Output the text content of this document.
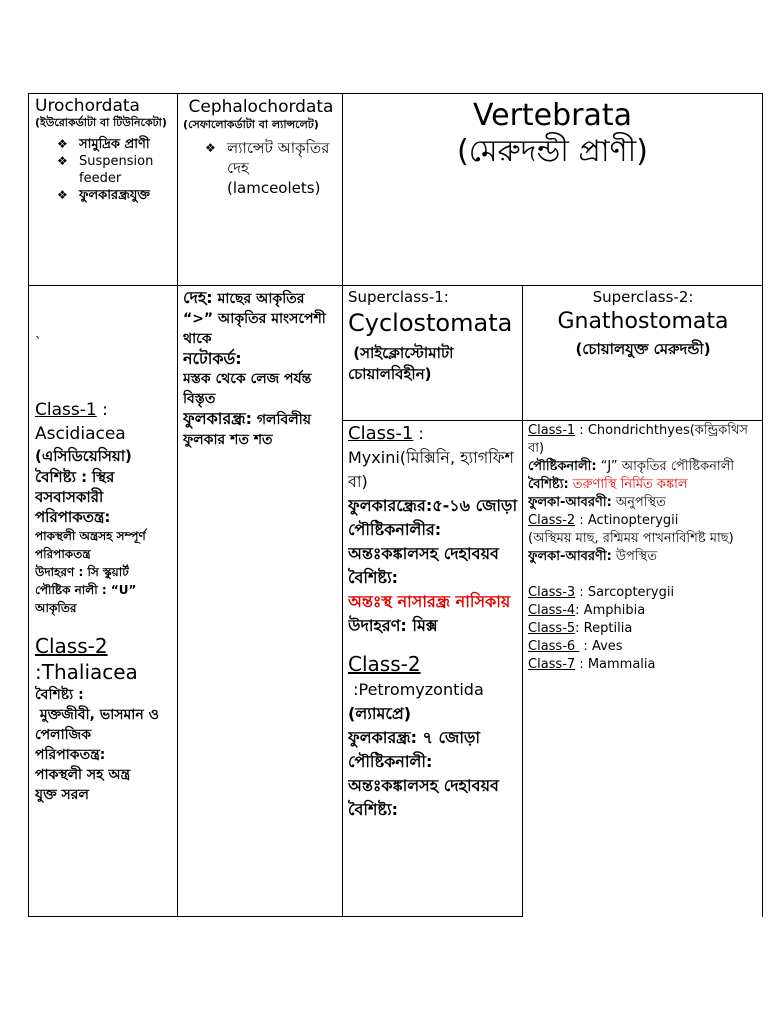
Urochordata
(ইউরোকর্ডাটা বা টিউনিকেটা)
❖ সামুদ্রিক প্রাণী
❖ Suspension feeder
❖ ফুলকারন্ধ্রযুক্ত
Cephalochordata
(সেফালোকর্ডাটা বা ল্যান্সলেট)
❖ ল্যান্সেট আকৃতির দেহ (lamceolets)
Vertebrata
(মেরুদন্ডী প্রাণী)
`
Class-1 : Ascidiacea
(এসিডিয়েসিয়া)
বৈশিষ্ট্য : স্থির বসবাসকারী
পরিপাকতন্ত্র:
পাকস্থলী অন্ত্রসহ সম্পূর্ণ পরিপাকতন্ত্র
উদাহরণ : সি স্কুয়ার্ট
পৌষ্টিক নালী : “U” আকৃতির
Class-2 :Thaliacea
বৈশিষ্ট্য :
মুক্তজীবী, ভাসমান ও পেলাজিক
পরিপাকতন্ত্র:
পাকস্থলী সহ অন্ত্র
যুক্ত সরল
দেহ: মাছের আকৃতির “>” আকৃতির মাংসপেশী থাকে
নটোকর্ড:
মস্তক থেকে লেজ পর্যন্ত বিস্তৃত
ফুলকারন্ধ্র: গলবিলীয় ফুলকার শত শত
Superclass-1:
Cyclostomata
(সাইক্লোস্টোমাটা চোয়ালবিহীন)
Superclass-2:
Gnathostomata
(চোয়ালযুক্ত মেরুদন্ডী)
Class-1 : Myxini(মিক্সিনি, হ্যাগফিশ বা)
ফুলকারন্ধ্রের:৫-১৬ জোড়া
পৌষ্টিকনালীর:
অন্তঃকঙ্কালসহ দেহাবয়ব
বৈশিষ্ট্য:
অন্তঃস্থ নাসারন্ধ্র নাসিকায়
উদাহরণ: মিক্স
Class-2
:Petromyzontida
(ল্যামপ্রে)
ফুলকারন্ধ্র: ৭ জোড়া
পৌষ্টিকনালী:
অন্তঃকঙ্কালসহ দেহাবয়ব
বৈশিষ্ট্য:
Class-1 : Chondrichthyes(কন্ড্রিকথিস বা)
পৌষ্টিকনালী: “J” আকৃতির পৌষ্টিকনালী
বৈশিষ্ট্য: তরুণাস্থি নির্মিত কঙ্কাল
ফুলকা-আবরণী: অনুপস্থিত
Class-2 : Actinopterygii
(অস্থিময় মাছ, রশ্মিময় পাখনাবিশিষ্ট মাছ)
ফুলকা-আবরণী: উপস্থিত
Class-3 : Sarcopterygii
Class-4: Amphibia
Class-5: Reptilia
Class-6  : Aves
Class-7 : Mammalia
